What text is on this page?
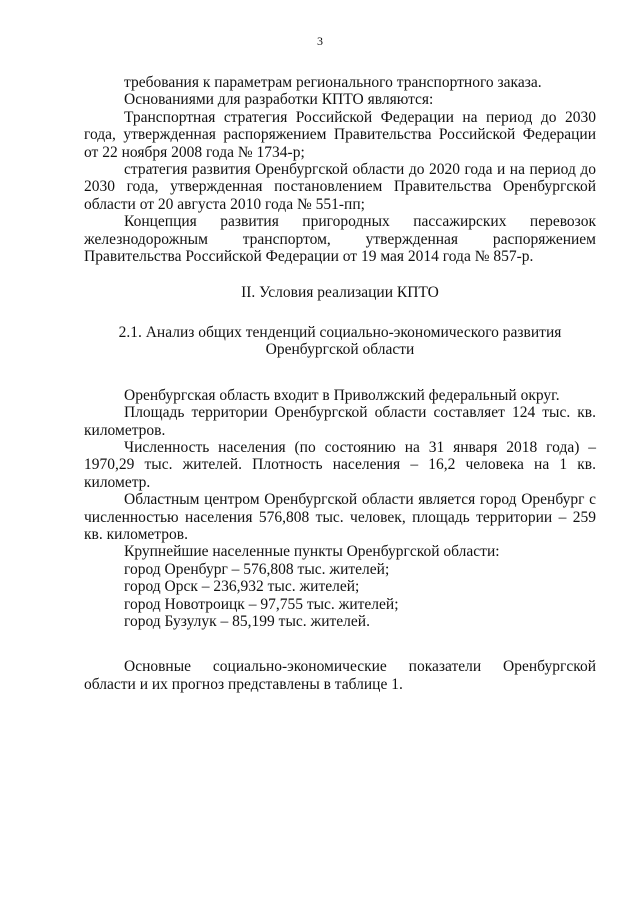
3

требования к параметрам регионального транспортного заказа.

Основаниями для разработки КПТО являются:

Транспортная стратегия Российской Федерации на период до 2030 года, утвержденная распоряжением Правительства Российской Федерации от 22 ноября 2008 года № 1734-р;

стратегия развития Оренбургской области до 2020 года и на период до 2030 года, утвержденная постановлением Правительства Оренбургской области от 20 августа 2010 года № 551-пп;

Концепция развития пригородных пассажирских перевозок железнодорожным транспортом, утвержденная распоряжением Правительства Российской Федерации от 19 мая 2014 года № 857-р.

II. Условия реализации КПТО

2.1. Анализ общих тенденций социально-экономического развития

Оренбургской области

Оренбургская область входит в Приволжский федеральный округ.

Площадь территории Оренбургской области составляет 124 тыс. кв. километров.

Численность населения (по состоянию на 31 января 2018 года) – 1970,29 тыс. жителей. Плотность населения – 16,2 человека на 1 кв. километр.

Областным центром Оренбургской области является город Оренбург с численностью населения 576,808 тыс. человек, площадь территории – 259 кв. километров.

Крупнейшие населенные пункты Оренбургской области:

город Оренбург – 576,808 тыс. жителей;

город Орск – 236,932 тыс. жителей;

город Новотроицк – 97,755 тыс. жителей;

город Бузулук – 85,199 тыс. жителей.

Основные социально-экономические показатели Оренбургской области и их прогноз представлены в таблице 1.
